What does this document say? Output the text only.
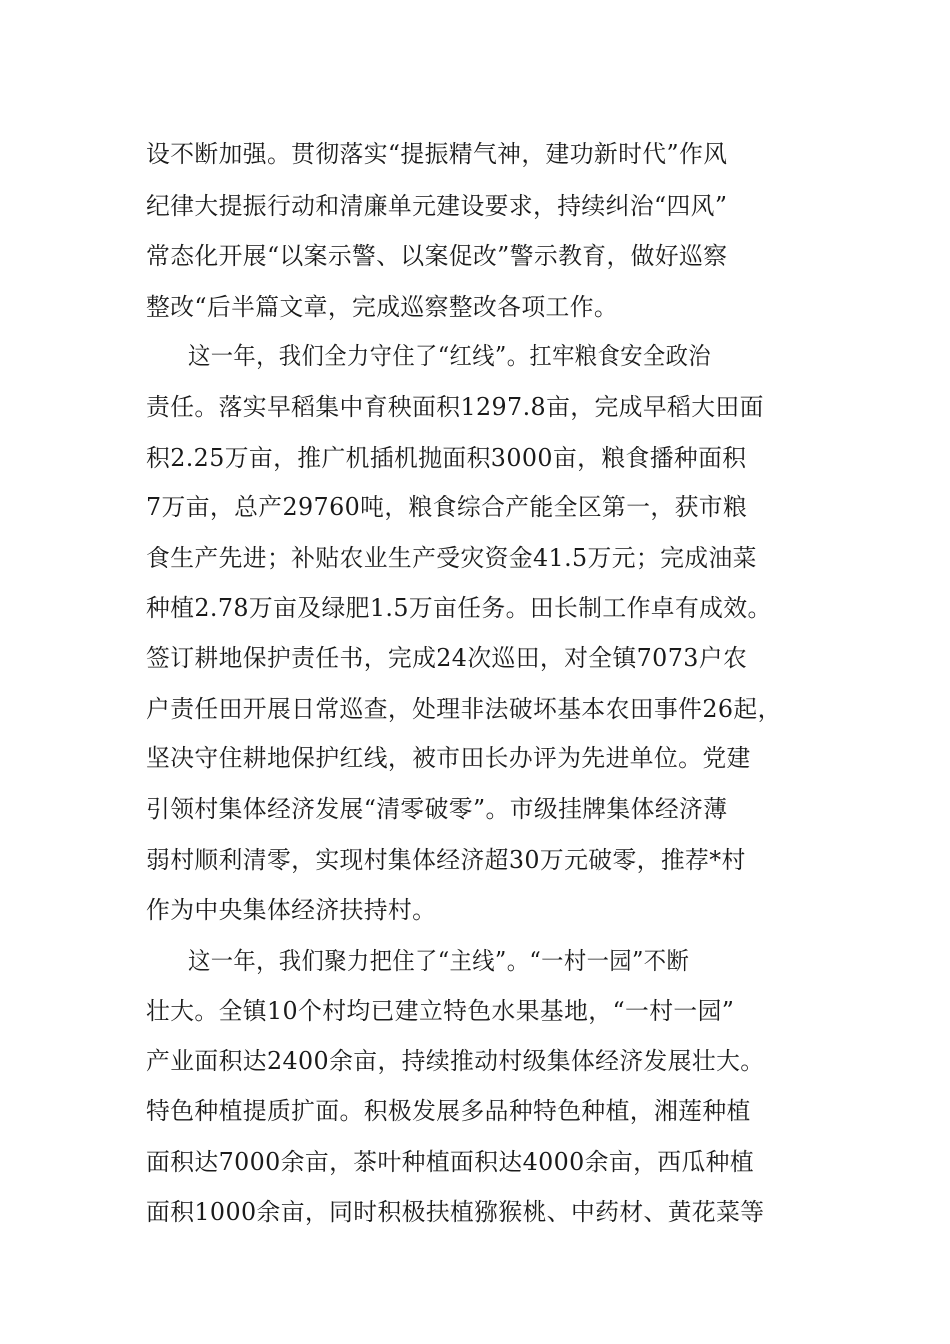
设不断加强。贯彻落实“提振精气神，建功新时代”作风
纪律大提振行动和清廉单元建设要求，持续纠治“四风”
常态化开展“以案示警、以案促改”警示教育，做好巡察
整改“后半篇文章，完成巡察整改各项工作。
这一年，我们全力守住了“红线”。扛牢粮食安全政治
责任。落实早稻集中育秧面积1297.8亩，完成早稻大田面
积2.25万亩，推广机插机抛面积3000亩，粮食播种面积
7万亩，总产29760吨，粮食综合产能全区第一，获市粮
食生产先进；补贴农业生产受灾资金41.5万元；完成油菜
种植2.78万亩及绿肥1.5万亩任务。田长制工作卓有成效。
签订耕地保护责任书，完成24次巡田，对全镇7073户农
户责任田开展日常巡查，处理非法破坏基本农田事件26起，
坚决守住耕地保护红线，被市田长办评为先进单位。党建
引领村集体经济发展“清零破零”。市级挂牌集体经济薄
弱村顺利清零，实现村集体经济超30万元破零，推荐*村
作为中央集体经济扶持村。
这一年，我们聚力把住了“主线”。“一村一园”不断
壮大。全镇10个村均已建立特色水果基地，“一村一园”
产业面积达2400余亩，持续推动村级集体经济发展壮大。
特色种植提质扩面。积极发展多品种特色种植，湘莲种植
面积达7000余亩，茶叶种植面积达4000余亩，西瓜种植
面积1000余亩，同时积极扶植猕猴桃、中药材、黄花菜等
